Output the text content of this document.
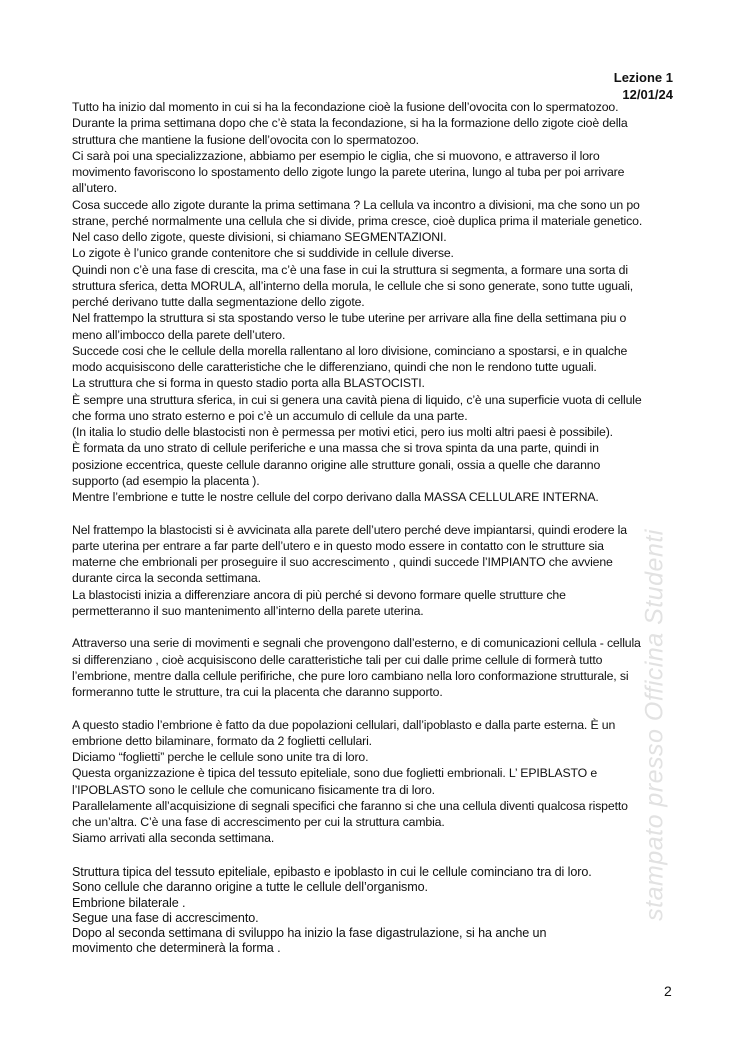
Lezione 1
12/01/24
Tutto ha inizio dal momento in cui si ha la fecondazione cioè la fusione dell’ovocita con lo spermatozoo.
Durante la prima settimana dopo che c’è stata la fecondazione, si ha la formazione dello zigote cioè della
struttura che mantiene la fusione dell’ovocita con lo spermatozoo.
Ci sarà poi una specializzazione, abbiamo per esempio le ciglia, che si muovono, e attraverso il loro
movimento favoriscono lo spostamento dello zigote lungo la parete uterina, lungo al tuba per poi arrivare
all’utero.
Cosa succede allo zigote durante la prima settimana ? La cellula va incontro a divisioni, ma che sono un po
strane, perché normalmente una cellula che si divide, prima cresce, cioè duplica prima il materiale genetico.
Nel caso dello zigote, queste divisioni, si chiamano SEGMENTAZIONI.
Lo zigote è l’unico grande contenitore che si suddivide in cellule diverse.
Quindi non c’è una fase di crescita, ma c’è una fase in cui la struttura si segmenta, a formare una sorta di
struttura sferica, detta MORULA, all’interno della morula, le cellule che si sono generate, sono tutte uguali,
perché derivano tutte dalla segmentazione dello zigote.
Nel frattempo la struttura si sta spostando verso le tube uterine per arrivare alla fine della settimana piu o
meno all’imbocco della parete dell’utero.
Succede cosi che le cellule della morella rallentano al loro divisione, cominciano a spostarsi, e in qualche
modo acquisiscono delle caratteristiche che le differenziano, quindi che non le rendono tutte uguali.
La struttura che si forma in questo stadio porta alla BLASTOCISTI.
È sempre una struttura sferica, in cui si genera una cavità piena di liquido, c’è una superficie vuota di cellule
che forma uno strato esterno e poi c’è un accumulo di cellule da una parte.
(In italia lo studio delle blastocisti non è permessa per motivi etici, pero ius molti altri paesi è possibile).
È formata da uno strato di cellule periferiche e una massa che si trova spinta da una parte, quindi in
posizione eccentrica, queste cellule daranno origine alle strutture gonali, ossia a quelle che daranno
supporto (ad esempio la placenta ).
Mentre l’embrione e tutte le nostre cellule del corpo derivano dalla MASSA CELLULARE INTERNA.
Nel frattempo la blastocisti si è avvicinata alla parete dell’utero perché deve impiantarsi, quindi erodere la
parte uterina per entrare a far parte dell’utero e in questo modo essere in contatto con le strutture sia
materne che embrionali per proseguire il suo accrescimento , quindi succede l’IMPIANTO che avviene
durante circa la seconda settimana.
La blastocisti inizia a differenziare ancora di più perché si devono formare quelle strutture che
permetteranno il suo mantenimento all’interno della parete uterina.
Attraverso una serie di movimenti e segnali che provengono dall’esterno, e di comunicazioni cellula - cellula
si differenziano , cioè acquisiscono delle caratteristiche tali per cui dalle prime cellule di formerà tutto
l’embrione, mentre dalla cellule perifiriche, che pure loro cambiano nella loro conformazione strutturale, si
formeranno tutte le strutture, tra cui la placenta che daranno supporto.
A questo stadio l’embrione è fatto da due popolazioni cellulari, dall’ipoblasto e dalla parte esterna. È un
embrione detto bilaminare, formato da 2 foglietti cellulari.
Diciamo “foglietti” perche le cellule sono unite tra di loro.
Questa organizzazione è tipica del tessuto epiteliale, sono due foglietti embrionali. L’ EPIBLASTO e
l’IPOBLASTO sono le cellule che comunicano fisicamente tra di loro.
Parallelamente all’acquisizione di segnali specifici che faranno si che una cellula diventi qualcosa rispetto
che un’altra. C’è una fase di accrescimento per cui la struttura cambia.
Siamo arrivati alla seconda settimana.
Struttura tipica del tessuto epiteliale, epibasto e ipoblasto in cui le cellule cominciano tra di loro.
Sono cellule che daranno origine a tutte le cellule dell’organismo.
Embrione bilaterale .
Segue una fase di accrescimento.
Dopo al seconda settimana di sviluppo ha inizio la fase digastrulazione, si ha anche un
movimento che determinerà la forma .
stampato presso Officina Studenti
2
